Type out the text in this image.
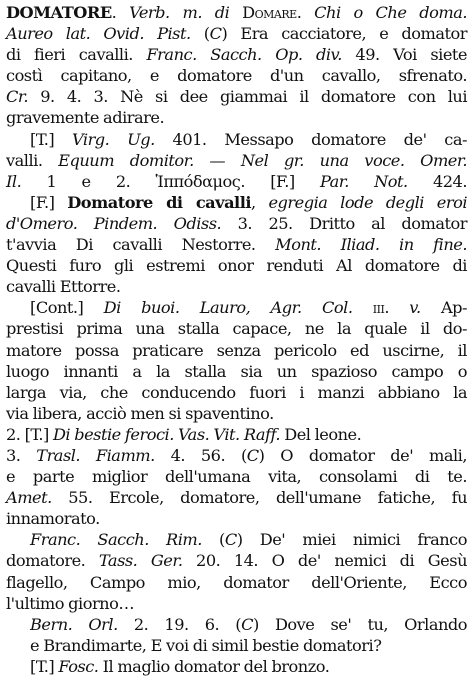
DOMATORE. Verb. m. di Domare. Chi o Che doma.
Aureo lat. Ovid. Pist. (C) Era cacciatore, e domator
di fieri cavalli. Franc. Sacch. Op. div. 49. Voi siete
costì capitano, e domatore d'un cavallo, sfrenato.
Cr. 9. 4. 3. Nè si dee giammai il domatore con lui
gravemente adirare.
[T.] Virg. Ug. 401. Messapo domatore de' ca-
valli. Equum domitor. — Nel gr. una voce. Omer.
Il. 1 e 2. Ἱππόδαμος. [F.] Par. Not. 424.
[F.] Domatore di cavalli, egregia lode degli eroi
d'Omero. Pindem. Odiss. 3. 25. Dritto al domator
t'avvia Di cavalli Nestorre. Mont. Iliad. in fine.
Questi furo gli estremi onor renduti Al domatore di
cavalli Ettorre.
[Cont.] Di buoi. Lauro, Agr. Col. iii. v. Ap-
prestisi prima una stalla capace, ne la quale il do-
matore possa praticare senza pericolo ed uscirne, il
luogo innanti a la stalla sia un spazioso campo o
larga via, che conducendo fuori i manzi abbiano la
via libera, acciò men si spaventino.
2. [T.] Di bestie feroci. Vas. Vit. Raff. Del leone.
3. Trasl. Fiamm. 4. 56. (C) O domator de' mali,
e parte miglior dell'umana vita, consolami di te.
Amet. 55. Ercole, domatore, dell'umane fatiche, fu
innamorato.
Franc. Sacch. Rim. (C) De' miei nimici franco
domatore. Tass. Ger. 20. 14. O de' nemici di Gesù
flagello, Campo mio, domator dell'Oriente, Ecco
l'ultimo giorno…
Bern. Orl. 2. 19. 6. (C) Dove se' tu, Orlando
e Brandimarte, E voi di simil bestie domatori?
[T.] Fosc. Il maglio domator del bronzo.
